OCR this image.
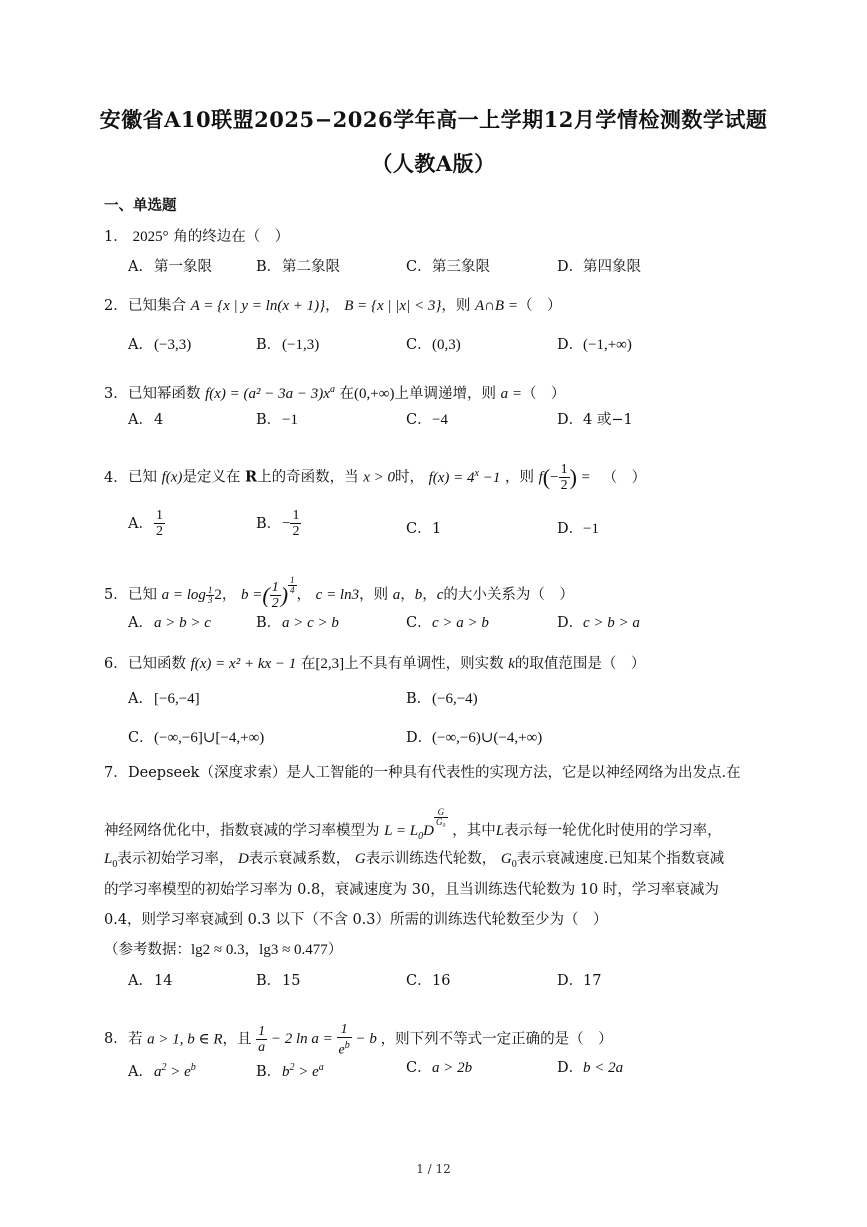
安徽省A10联盟2025−2026学年高一上学期12月学情检测数学试题
（人教A版）
一、单选题
1． 2025° 角的终边在（　）
A．第一象限	B．第二象限	C．第三象限	D．第四象限
2．已知集合 A = {x | y = ln(x + 1)}， B = {x | |x| < 3}，则 A∩B =（　）
A．(−3,3)	B．(−1,3)	C．(0,3)	D．(−1,+∞)
3．已知幂函数 $f(x) = (a^2 - 3a - 3)x^a$ 在(0,+∞)上单调递增，则 a =（　）
A．4	B．−1	C．−4	D．4 或−1
4．已知 f(x)是定义在 R上的奇函数，当 x > 0时， $f(x) = 4^x -1$ ，则 $f(- \frac{1}{2}$ ) = （　）
A． $\frac{1}{2}$	B．− $\frac{1}{2}$	C．1	D．−1
5．已知 $a = \log \frac{1}{3} 2$， b =( $\frac{1}{2}$ ) $\frac{1}{4}$ ， c = ln3，则 a，b，c的大小关系为（　）
A．a > b > c	B．a > c > b	C．c > a > b	D．c > b > a
6．已知函数 f(x) = x² + kx − 1 在[2,3]上不具有单调性，则实数 k的取值范围是（　）
A．[−6,−4]	B．(−6,−4)
C．(−∞,−6]∪[−4,+∞)	D．(−∞,−6)∪(−4,+∞)
7．Deepseek（深度求索）是人工智能的一种具有代表性的实现方法，它是以神经网络为出发点.在
神经网络优化中，指数衰减的学习率模型为 $L = L_0D$
$\frac{G}{\text{G₀}}$
，其中L表示每一轮优化时使用的学习率，
$L_0$表示初始学习率， D表示衰减系数， G表示训练迭代轮数， $G_0$表示衰减速度.已知某个指数衰减
的学习率模型的初始学习率为 0.8，衰减速度为 30，且当训练迭代轮数为 10 时，学习率衰减为
0.4，则学习率衰减到 0.3 以下（不含 0.3）所需的训练迭代轮数至少为（　）
（参考数据：lg2 ≈ 0.3，lg3 ≈ 0.477）
A．14	B．15	C．16	D．17
8．若 a > 1, b ∈ R，且 $\frac{1}{a} - 2$ $\ln a = \frac{1}{e^b} - b$ ，则下列不等式一定正确的是（　）
A．$a^2 > e^b$	B．$b^2 > e^a$	C．a > 2b	D．b < 2a
1 / 12
